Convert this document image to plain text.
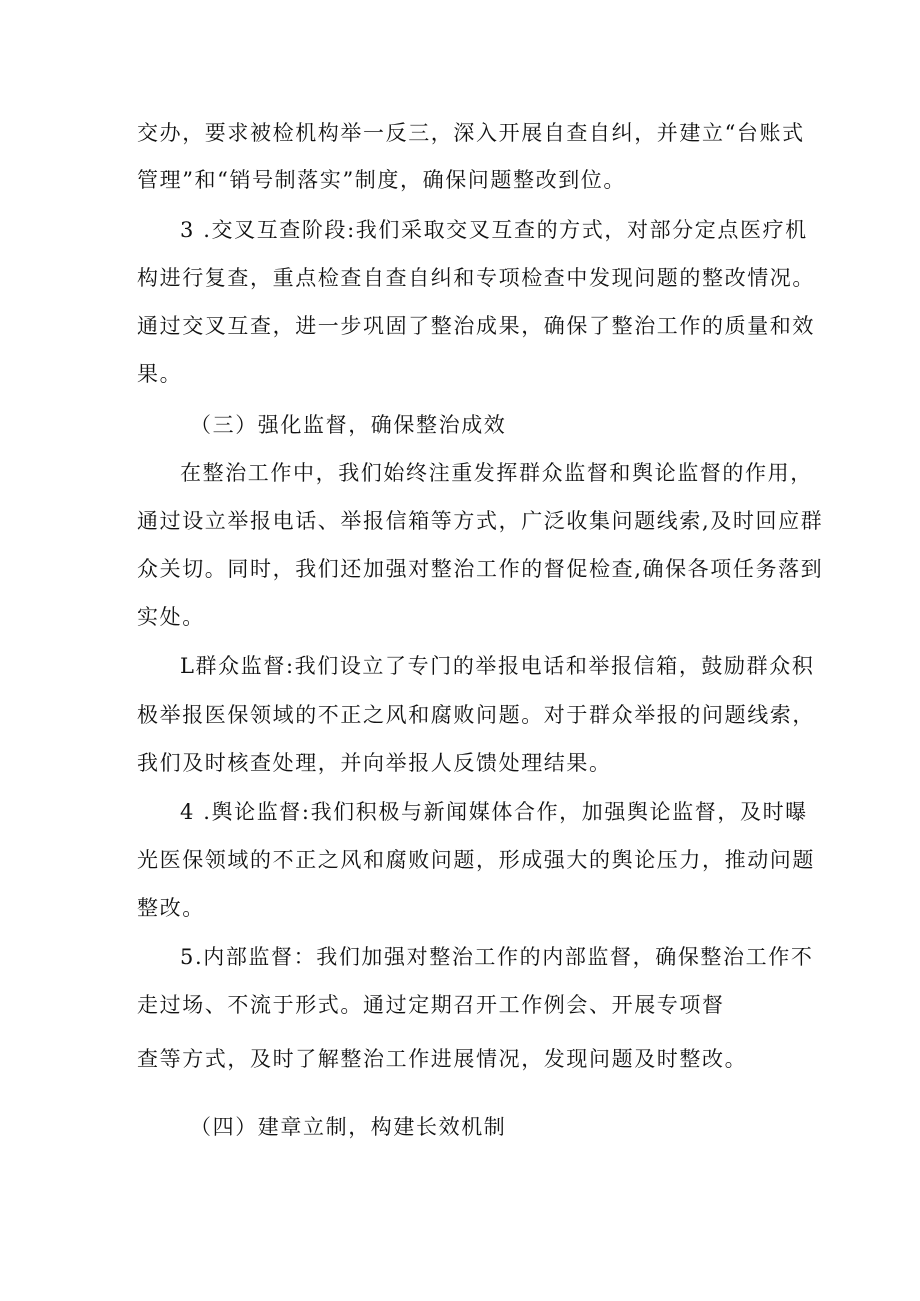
交办，要求被检机构举一反三，深入开展自查自纠，并建立“台账式
管理”和“销号制落实”制度，确保问题整改到位。
3 .交叉互查阶段:我们采取交叉互查的方式，对部分定点医疗机
构进行复查，重点检查自查自纠和专项检查中发现问题的整改情况。
通过交叉互查，进一步巩固了整治成果，确保了整治工作的质量和效
果。
（三）强化监督，确保整治成效
在整治工作中，我们始终注重发挥群众监督和舆论监督的作用，
通过设立举报电话、举报信箱等方式，广泛收集问题线索,及时回应群
众关切。同时，我们还加强对整治工作的督促检查,确保各项任务落到
实处。
L群众监督:我们设立了专门的举报电话和举报信箱，鼓励群众积
极举报医保领域的不正之风和腐败问题。对于群众举报的问题线索，
我们及时核查处理，并向举报人反馈处理结果。
4 .舆论监督:我们积极与新闻媒体合作，加强舆论监督，及时曝
光医保领域的不正之风和腐败问题，形成强大的舆论压力，推动问题
整改。
5.内部监督：我们加强对整治工作的内部监督，确保整治工作不
走过场、不流于形式。通过定期召开工作例会、开展专项督
查等方式，及时了解整治工作进展情况，发现问题及时整改。
（四）建章立制，构建长效机制
